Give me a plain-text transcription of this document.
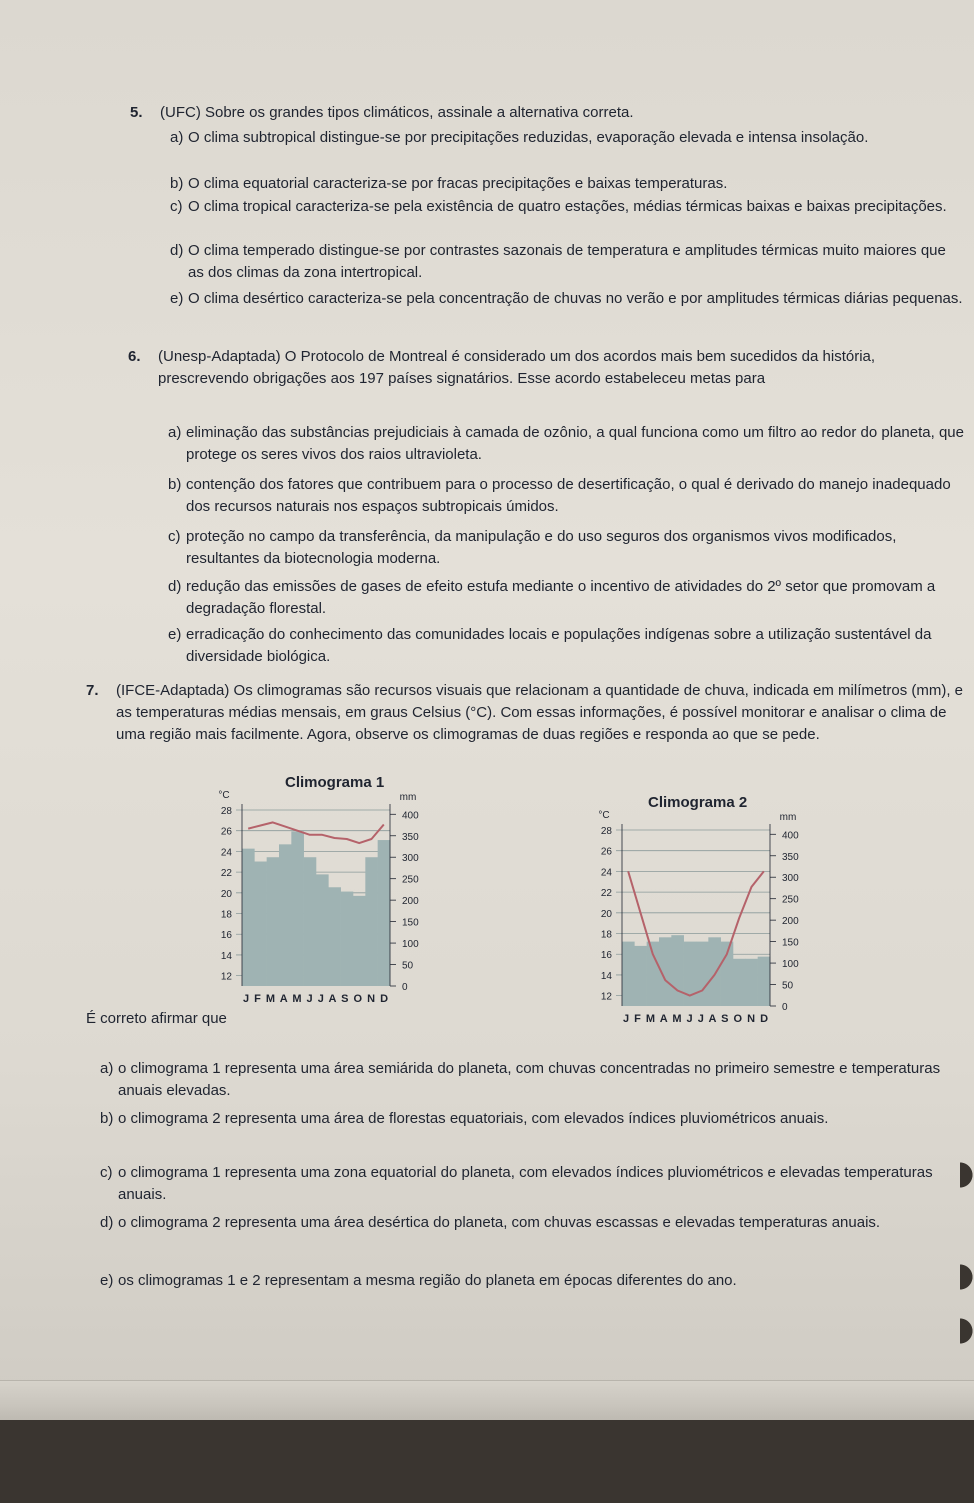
5. (UFC) Sobre os grandes tipos climáticos, assinale a alternativa correta.
a) O clima subtropical distingue-se por precipitações reduzidas, evaporação elevada e intensa insolação.
b) O clima equatorial caracteriza-se por fracas precipitações e baixas temperaturas.
c) O clima tropical caracteriza-se pela existência de quatro estações, médias térmicas baixas e baixas precipitações.
d) O clima temperado distingue-se por contrastes sazonais de temperatura e amplitudes térmicas muito maiores que as dos climas da zona intertropical.
e) O clima desértico caracteriza-se pela concentração de chuvas no verão e por amplitudes térmicas diárias pequenas.
6. (Unesp-Adaptada) O Protocolo de Montreal é considerado um dos acordos mais bem sucedidos da história, prescrevendo obrigações aos 197 países signatários. Esse acordo estabeleceu metas para
a) eliminação das substâncias prejudiciais à camada de ozônio, a qual funciona como um filtro ao redor do planeta, que protege os seres vivos dos raios ultravioleta.
b) contenção dos fatores que contribuem para o processo de desertificação, o qual é derivado do manejo inadequado dos recursos naturais nos espaços subtropicais úmidos.
c) proteção no campo da transferência, da manipulação e do uso seguros dos organismos vivos modificados, resultantes da biotecnologia moderna.
d) redução das emissões de gases de efeito estufa mediante o incentivo de atividades do 2º setor que promovam a degradação florestal.
e) erradicação do conhecimento das comunidades locais e populações indígenas sobre a utilização sustentável da diversidade biológica.
7. (IFCE-Adaptada) Os climogramas são recursos visuais que relacionam a quantidade de chuva, indicada em milímetros (mm), e as temperaturas médias mensais, em graus Celsius (°C). Com essas informações, é possível monitorar e analisar o clima de uma região mais facilmente. Agora, observe os climogramas de duas regiões e responda ao que se pede.
Climograma 1
28
26
24
22
20
18
16
14
12
400
350
300
250
200
150
100
50
0
°C	mm
J F M A M J J A S O N D
Climograma 2
28
26
24
22
20
18
16
14
12
400
350
300
250
200
150
100
50
0
°C	mm
J F M A M J J A S O N D
É correto afirmar que
a) o climograma 1 representa uma área semiárida do planeta, com chuvas concentradas no primeiro semestre e temperaturas anuais elevadas.
b) o climograma 2 representa uma área de florestas equatoriais, com elevados índices pluviométricos anuais.
c) o climograma 1 representa uma zona equatorial do planeta, com elevados índices pluviométricos e elevadas temperaturas anuais.
d) o climograma 2 representa uma área desértica do planeta, com chuvas escassas e elevadas temperaturas anuais.
e) os climogramas 1 e 2 representam a mesma região do planeta em épocas diferentes do ano.
